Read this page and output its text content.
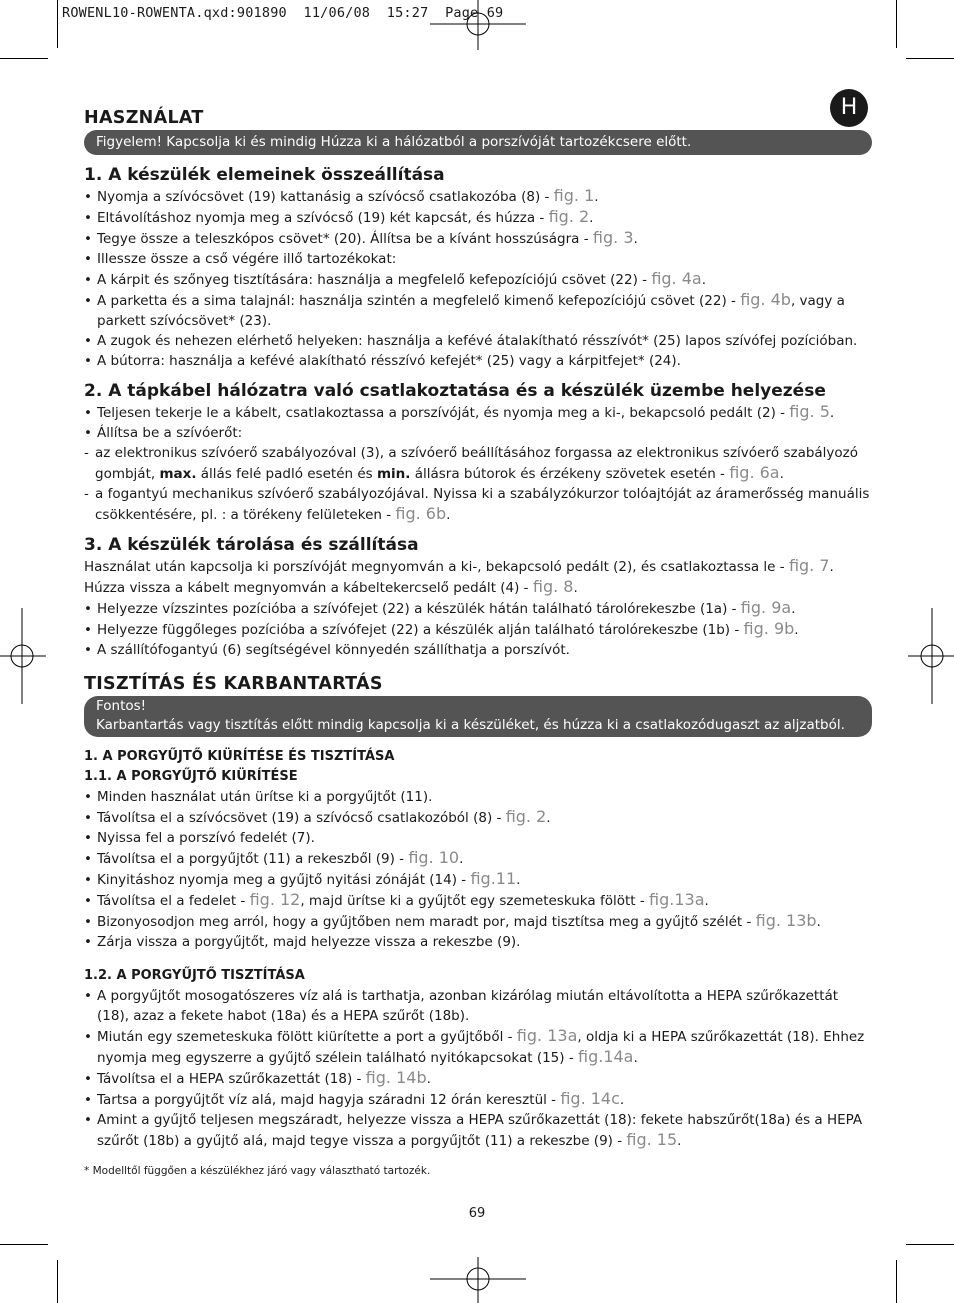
ROWENL10-ROWENTA.qxd:901890  11/06/08  15:27  Page 69
H
HASZNÁLAT
Figyelem! Kapcsolja ki és mindig Húzza ki a hálózatból a porszívóját tartozékcsere előtt.
1. A készülék elemeinek összeállítása
• Nyomja a szívócsövet (19) kattanásig a szívócső csatlakozóba (8) - fig. 1.
• Eltávolításhoz nyomja meg a szívócső (19) két kapcsát, és húzza - fig. 2.
• Tegye össze a teleszkópos csövet* (20). Állítsa be a kívánt hosszúságra - fig. 3.
• Illessze össze a cső végére illő tartozékokat:
• A kárpit és szőnyeg tisztítására: használja a megfelelő kefepozíciójú csövet (22) - fig. 4a.
• A parketta és a sima talajnál: használja szintén a megfelelő kimenő kefepozíciójú csövet (22) - fig. 4b, vagy a parkett szívócsövet* (23).
• A zugok és nehezen elérhető helyeken: használja a kefévé átalakítható résszívót* (25) lapos szívófej pozícióban.
• A bútorra: használja a kefévé alakítható résszívó kefejét* (25) vagy a kárpitfejet* (24).
2. A tápkábel hálózatra való csatlakoztatása és a készülék üzembe helyezése
• Teljesen tekerje le a kábelt, csatlakoztassa a porszívóját, és nyomja meg a ki-, bekapcsoló pedált (2) - fig. 5.
• Állítsa be a szívóerőt:
- az elektronikus szívóerő szabályozóval (3), a szívóerő beállításához forgassa az elektronikus szívóerő szabályozó gombját, max. állás felé padló esetén és min. állásra bútorok és érzékeny szövetek esetén - fig. 6a.
- a fogantyú mechanikus szívóerő szabályozójával. Nyissa ki a szabályzókurzor tolóajtóját az áramerősség manuális csökkentésére, pl. : a törékeny felületeken - fig. 6b.
3. A készülék tárolása és szállítása

Használat után kapcsolja ki porszívóját megnyomván a ki-, bekapcsoló pedált (2), és csatlakoztassa le - fig. 7.

Húzza vissza a kábelt megnyomván a kábeltekercselő pedált (4) - fig. 8.

• Helyezze vízszintes pozícióba a szívófejet (22) a készülék hátán található tárolórekeszbe (1a) - fig. 9a.
• Helyezze függőleges pozícióba a szívófejet (22) a készülék alján található tárolórekeszbe (1b) - fig. 9b.
• A szállítófogantyú (6) segítségével könnyedén szállíthatja a porszívót.
TISZTÍTÁS ÉS KARBANTARTÁS
Fontos!
Karbantartás vagy tisztítás előtt mindig kapcsolja ki a készüléket, és húzza ki a csatlakozódugaszt az aljzatból.
1. A PORGYŰJTŐ KIÜRÍTÉSE ÉS TISZTÍTÁSA
1.1. A PORGYŰJTŐ KIÜRÍTÉSE
• Minden használat után ürítse ki a porgyűjtőt (11).
• Távolítsa el a szívócsövet (19) a szívócső csatlakozóból (8) - fig. 2.
• Nyissa fel a porszívó fedelét (7).
• Távolítsa el a porgyűjtőt (11) a rekeszből (9) - fig. 10.
• Kinyitáshoz nyomja meg a gyűjtő nyitási zónáját (14) - fig.11.
• Távolítsa el a fedelet - fig. 12, majd ürítse ki a gyűjtőt egy szemeteskuka fölött - fig.13a.
• Bizonyosodjon meg arról, hogy a gyűjtőben nem maradt por, majd tisztítsa meg a gyűjtő szélét - fig. 13b.
• Zárja vissza a porgyűjtőt, majd helyezze vissza a rekeszbe (9).
1.2. A PORGYŰJTŐ TISZTÍTÁSA
• A porgyűjtőt mosogatószeres víz alá is tarthatja, azonban kizárólag miután eltávolította a HEPA szűrőkazettát (18), azaz a fekete habot (18a) és a HEPA szűrőt (18b).
• Miután egy szemeteskuka fölött kiürítette a port a gyűjtőből - fig. 13a, oldja ki a HEPA szűrőkazettát (18). Ehhez nyomja meg egyszerre a gyűjtő szélein található nyitókapcsokat (15) - fig.14a.
• Távolítsa el a HEPA szűrőkazettát (18) - fig. 14b.
• Tartsa a porgyűjtőt víz alá, majd hagyja száradni 12 órán keresztül - fig. 14c.
• Amint a gyűjtő teljesen megszáradt, helyezze vissza a HEPA szűrőkazettát (18): fekete habszűrőt(18a) és a HEPA szűrőt (18b) a gyűjtő alá, majd tegye vissza a porgyűjtőt (11) a rekeszbe (9) - fig. 15.
* Modelltől függően a készülékhez járó vagy választható tartozék.
69
